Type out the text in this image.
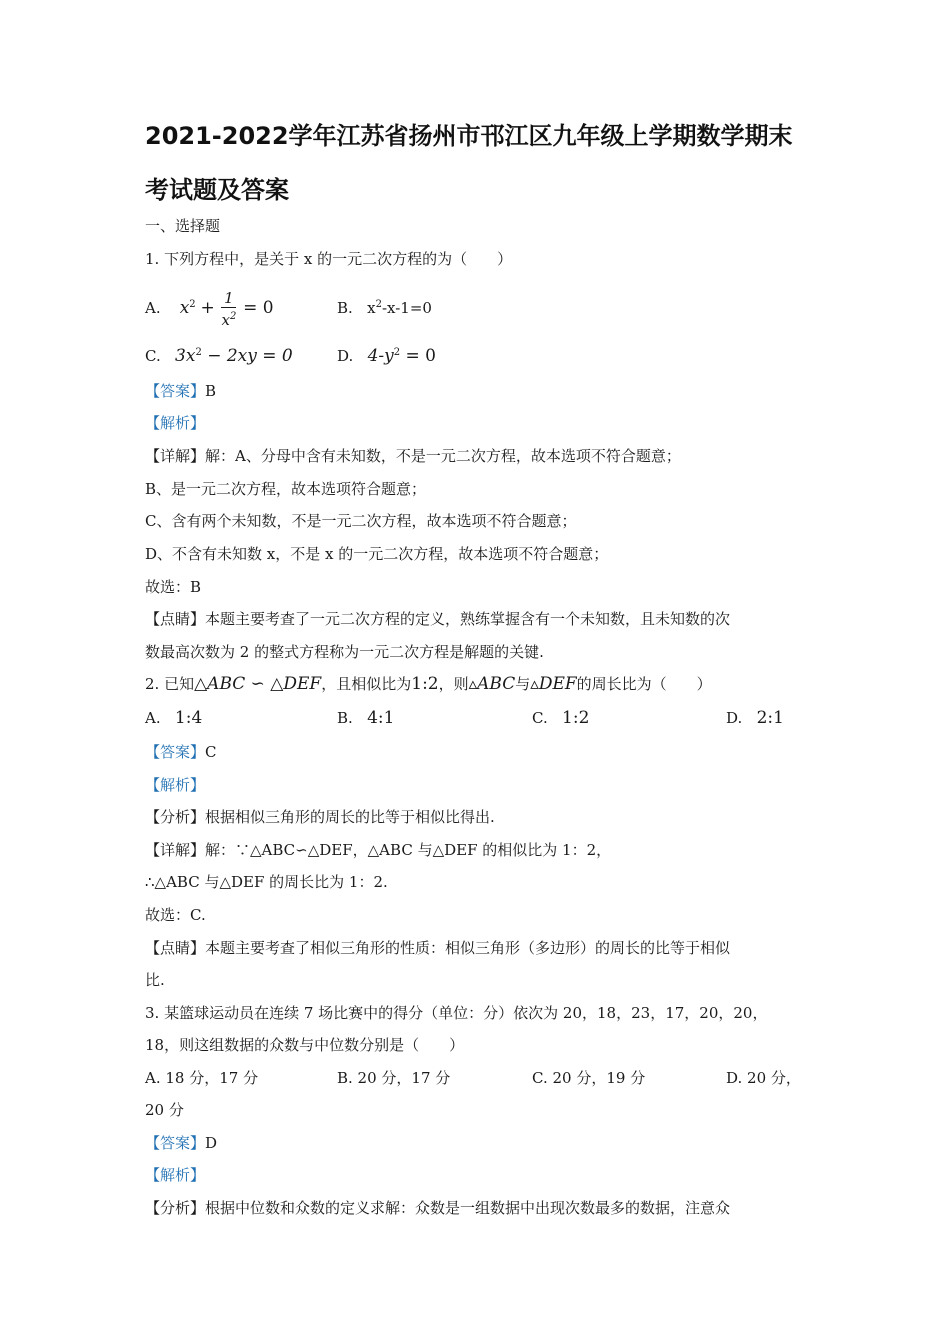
2021-2022学年江苏省扬州市邗江区九年级上学期数学期末
考试题及答案
一、选择题
1. 下列方程中，是关于 x 的一元二次方程的为（　　）
A. $x^2 + \frac{1}{x^2} = 0$	B. $x^2-x-1=0$
C. $3x^2 - 2xy = 0$	D. $4-y^2 = 0$
【答案】B
【解析】
【详解】解：A、分母中含有未知数，不是一元二次方程，故本选项不符合题意；
B、是一元二次方程，故本选项符合题意；
C、含有两个未知数，不是一元二次方程，故本选项不符合题意；
D、不含有未知数 x，不是 x 的一元二次方程，故本选项不符合题意；
故选：B
【点睛】本题主要考查了一元二次方程的定义，熟练掌握含有一个未知数，且未知数的次
数最高次数为 2 的整式方程称为一元二次方程是解题的关键.
2. 已知△ABC ∽ △DEF，且相似比为1:2，则▵ABC与▵DEF的周长比为（　　）
A. 1:4	B. 4:1	C. 1:2	D. 2:1
【答案】C
【解析】
【分析】根据相似三角形的周长的比等于相似比得出.
【详解】解：∵△ABC∽△DEF，△ABC 与△DEF 的相似比为 1：2，
∴△ABC 与△DEF 的周长比为 1：2.
故选：C.
【点睛】本题主要考查了相似三角形的性质：相似三角形（多边形）的周长的比等于相似
比.
3. 某篮球运动员在连续 7 场比赛中的得分（单位：分）依次为 20，18，23，17，20，20，
18，则这组数据的众数与中位数分别是（　　）
A. 18 分，17 分	B. 20 分，17 分	C. 20 分，19 分	D. 20 分，
20 分
【答案】D
【解析】
【分析】根据中位数和众数的定义求解：众数是一组数据中出现次数最多的数据，注意众
